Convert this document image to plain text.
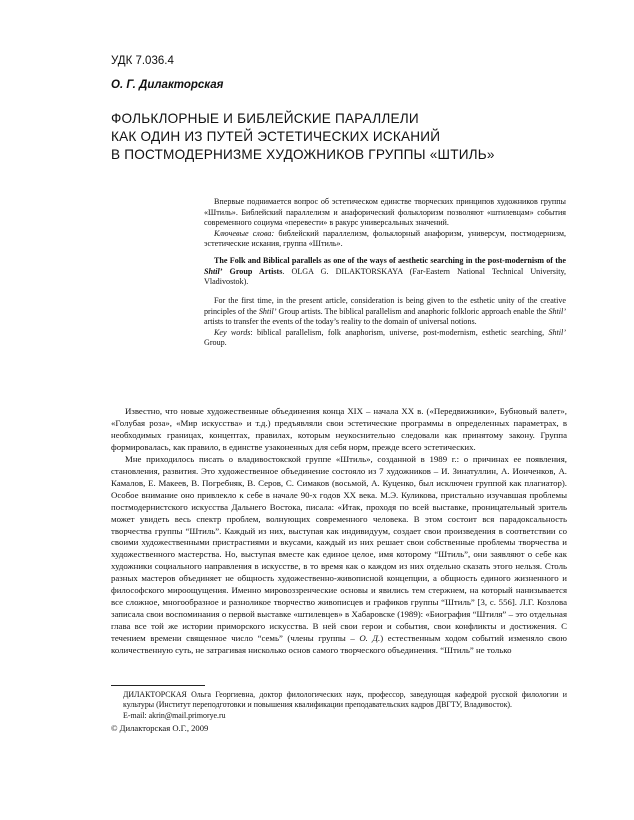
УДК 7.036.4
О. Г. Дилакторская
ФОЛЬКЛОРНЫЕ И БИБЛЕЙСКИЕ ПАРАЛЛЕЛИ
КАК ОДИН ИЗ ПУТЕЙ ЭСТЕТИЧЕСКИХ ИСКАНИЙ
В ПОСТМОДЕРНИЗМЕ ХУДОЖНИКОВ ГРУППЫ «ШТИЛЬ»

Впервые поднимается вопрос об эстетическом единстве творческих принципов художников группы «Штиль». Библейский параллелизм и анафорический фольклоризм позволяют «штилевцам» события современного социума «перевести» в ракурс универсальных значений.

Ключевые слова: библейский параллелизм, фольклорный анафоризм, универсум, постмодернизм, эстетические искания, группа «Штиль».

The Folk and Biblical parallels as one of the ways of aesthetic searching in the post-modernism of the Shtil’ Group Artists. OLGA G. DILAKTORSKAYA (Far-Eastern National Technical University, Vladivostok).

For the first time, in the present article, consideration is being given to the esthetic unity of the creative principles of the Shtil’ Group artists. The biblical parallelism and anaphoric folkloric approach enable the Shtil’ artists to transfer the events of the today’s reality to the domain of universal notions.

Key words: biblical parallelism, folk anaphorism, universe, post-modernism, esthetic searching, Shtil’ Group.

Известно, что новые художественные объединения конца XIX – начала ХХ в. («Передвижники», Бубновый валет», «Голубая роза», «Мир искусства» и т.д.) предъявляли свои эстетические программы в определенных параметрах, в необходимых границах, концептах, правилах, которым неукоснительно следовали как принятому закону. Группа формировалась, как правило, в единстве узаконенных для себя норм, прежде всего эстетических.

Мне приходилось писать о владивостокской группе «Штиль», созданной в 1989 г.: о причинах ее появления, становления, развития. Это художественное объединение состояло из 7 художников – И. Зинатуллин, А. Ионченков, А. Камалов, Е. Макеев, В. Погребняк, В. Серов, С. Симаков (восьмой, А. Куценко, был исключен группой как плагиатор). Особое внимание оно привлекло к себе в начале 90-х годов ХХ века. М.Э. Куликова, пристально изучавшая проблемы постмодернистского искусства Дальнего Востока, писала: «Итак, проходя по всей выставке, проницательный зритель может увидеть весь спектр проблем, волнующих современного человека. В этом состоит вся парадоксальность творчества группы “Штиль”. Каждый из них, выступая как индивидуум, создает свои произведения в соответствии со своими художественными пристрастиями и вкусами, каждый из них решает свои собственные проблемы творчества и художественного мастерства. Но, выступая вместе как единое целое, имя которому “Штиль”, они заявляют о себе как художники социального направления в искусстве, в то время как о каждом из них отдельно сказать этого нельзя. Столь разных мастеров объединяет не общность художественно-живописной концепции, а общность единого жизненного и философского мироощущения. Именно мировоззренческие основы и явились тем стержнем, на который нанизывается все сложное, многообразное и разноликое творчество живописцев и графиков группы “Штиль” [3, с. 556]. Л.Г. Козлова записала свои воспоминания о первой выставке «штилевцев» в Хабаровске (1989): «Биография “Штиля” – это отдельная глава все той же истории приморского искусства. В ней свои герои и события, свои конфликты и достижения. С течением времени священное число “семь” (члены группы – О. Д.) естественным ходом событий изменяло свою количественную суть, не затрагивая нисколько основ самого творческого объединения. “Штиль” не только

ДИЛАКТОРСКАЯ Ольга Георгиевна, доктор филологических наук, профессор, заведующая кафедрой русской филологии и культуры (Институт переподготовки и повышения квалификации преподавательских кадров ДВГТУ, Владивосток).

E-mail: akrin@mail.primorye.ru

© Дилакторская О.Г., 2009
